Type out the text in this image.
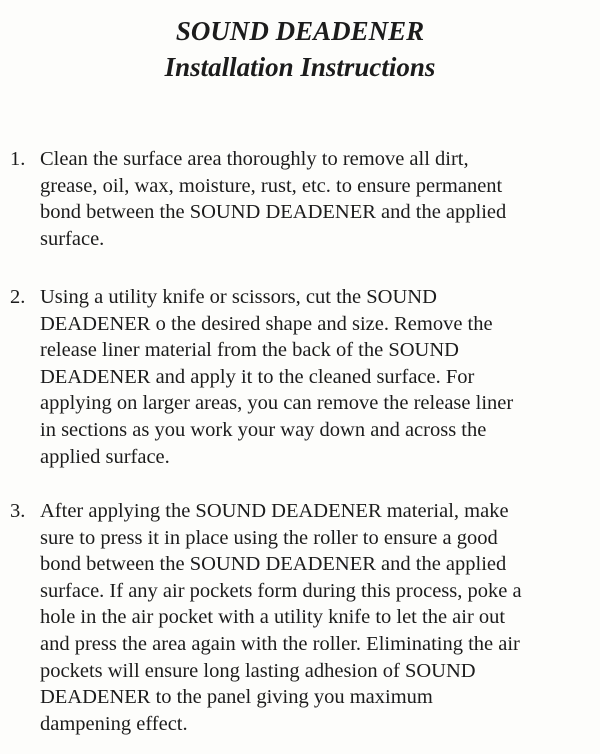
SOUND DEADENER
Installation Instructions
1. Clean the surface area thoroughly to remove all dirt,
grease, oil, wax, moisture, rust, etc. to ensure permanent
bond between the SOUND DEADENER and the applied
surface.
2. Using a utility knife or scissors, cut the SOUND
DEADENER o the desired shape and size. Remove the
release liner material from the back of the SOUND
DEADENER and apply it to the cleaned surface. For
applying on larger areas, you can remove the release liner
in sections as you work your way down and across the
applied surface.
3. After applying the SOUND DEADENER material, make
sure to press it in place using the roller to ensure a good
bond between the SOUND DEADENER and the applied
surface. If any air pockets form during this process, poke a
hole in the air pocket with a utility knife to let the air out
and press the area again with the roller. Eliminating the air
pockets will ensure long lasting adhesion of SOUND
DEADENER to the panel giving you maximum
dampening effect.
